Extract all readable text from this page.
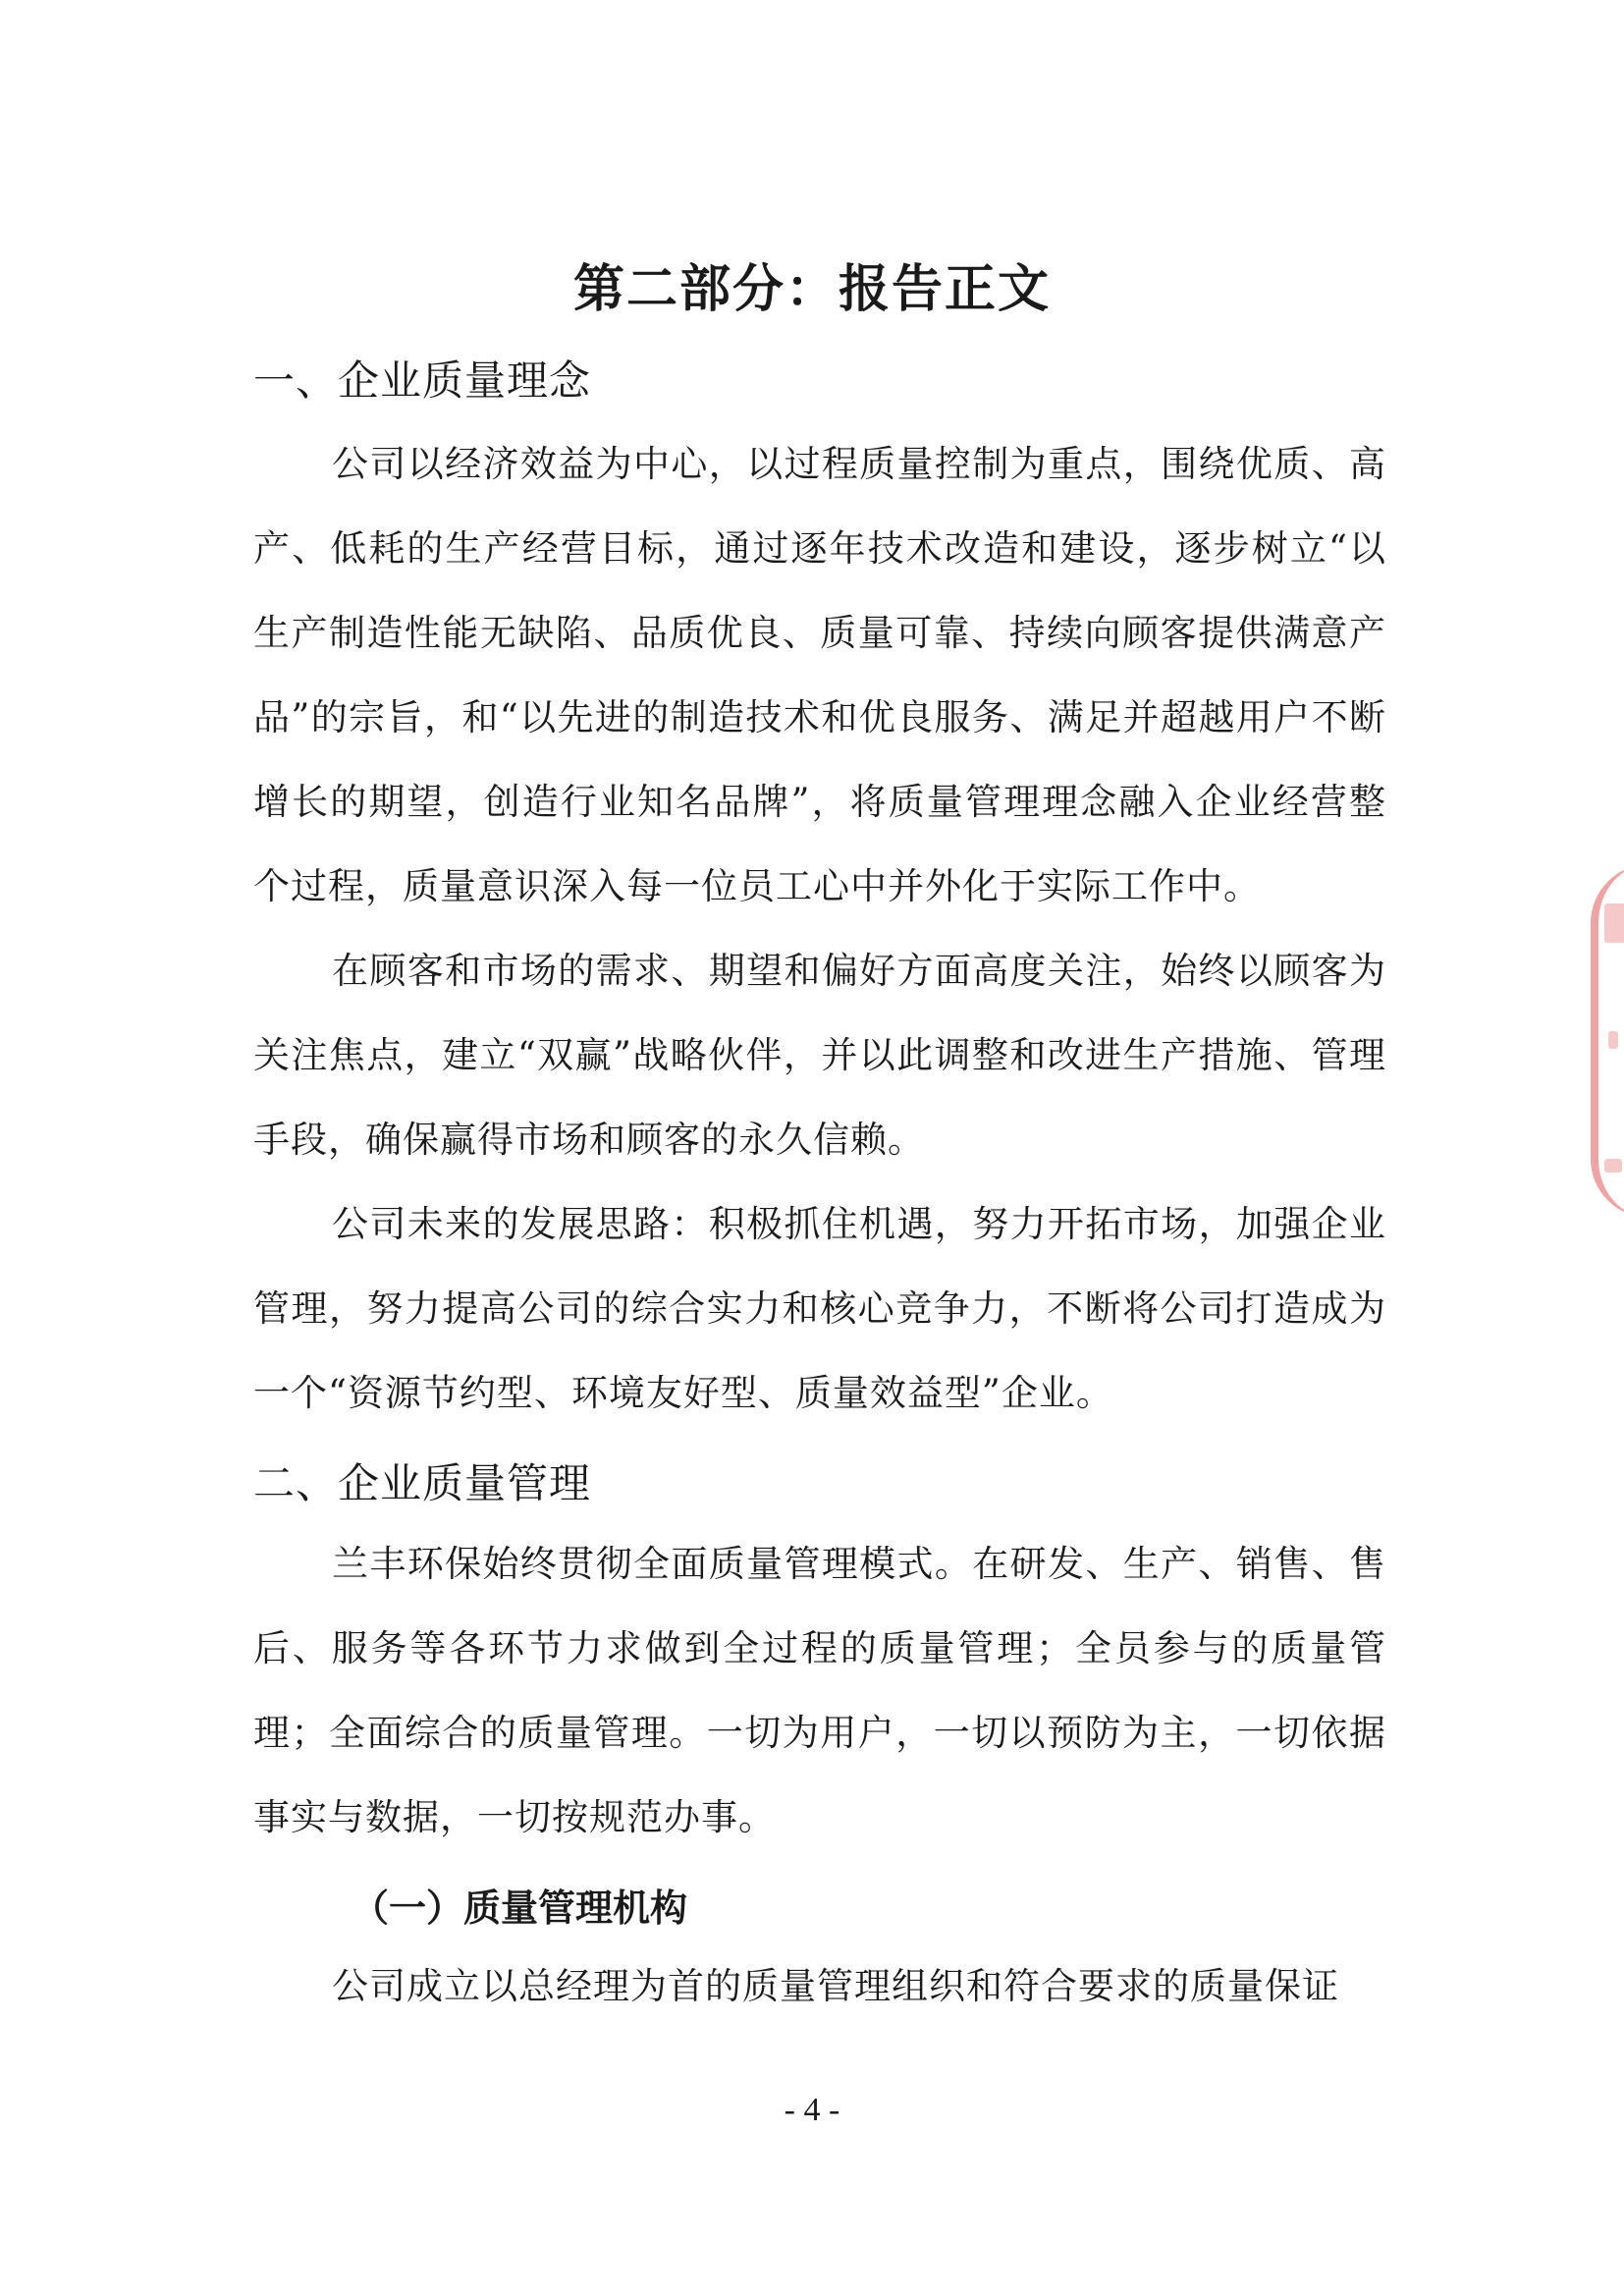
第二部分：报告正文
一、企业质量理念

公司以经济效益为中心，以过程质量控制为重点，围绕优质、高产、低耗的生产经营目标，通过逐年技术改造和建设，逐步树立“以生产制造性能无缺陷、品质优良、质量可靠、持续向顾客提供满意产品”的宗旨，和“以先进的制造技术和优良服务、满足并超越用户不断增长的期望，创造行业知名品牌”，将质量管理理念融入企业经营整个过程，质量意识深入每一位员工心中并外化于实际工作中。

在顾客和市场的需求、期望和偏好方面高度关注，始终以顾客为关注焦点，建立“双赢”战略伙伴，并以此调整和改进生产措施、管理手段，确保赢得市场和顾客的永久信赖。

公司未来的发展思路：积极抓住机遇，努力开拓市场，加强企业管理，努力提高公司的综合实力和核心竞争力，不断将公司打造成为一个“资源节约型、环境友好型、质量效益型”企业。

二、企业质量管理

兰丰环保始终贯彻全面质量管理模式。在研发、生产、销售、售后、服务等各环节力求做到全过程的质量管理；全员参与的质量管理；全面综合的质量管理。一切为用户，一切以预防为主，一切依据事实与数据，一切按规范办事。

（一）质量管理机构

公司成立以总经理为首的质量管理组织和符合要求的质量保证

- 4 -
